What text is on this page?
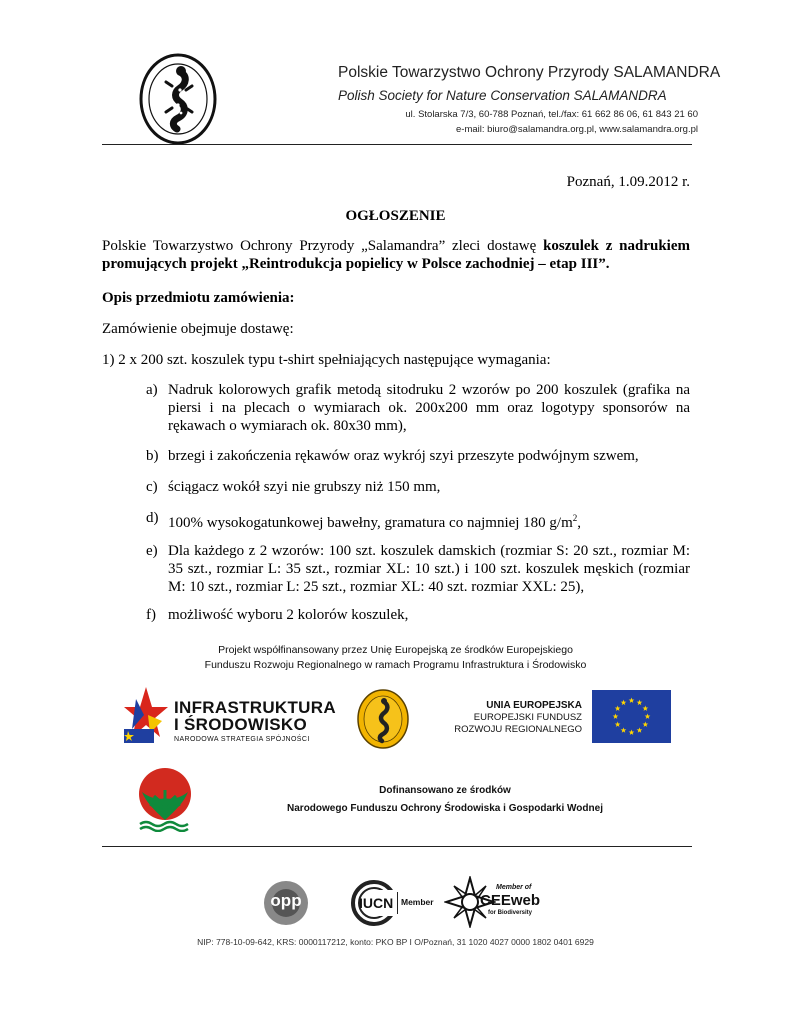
Polskie Towarzystwo Ochrony Przyrody SALAMANDRA
Polish Society for Nature Conservation SALAMANDRA
ul. Stolarska 7/3, 60-788 Poznań, tel./fax: 61 662 86 06, 61 843 21 60
e-mail: biuro@salamandra.org.pl, www.salamandra.org.pl
Poznań, 1.09.2012 r.
OGŁOSZENIE
Polskie Towarzystwo Ochrony Przyrody „Salamandra” zleci dostawę koszulek z nadrukiem promujących projekt „Reintrodukcja popielicy w Polsce zachodniej – etap III”.
Opis przedmiotu zamówienia:
Zamówienie obejmuje dostawę:
1) 2 x 200 szt. koszulek typu t-shirt spełniających następujące wymagania:
a) Nadruk kolorowych grafik metodą sitodruku 2 wzorów po 200 koszulek (grafika na piersi i na plecach o wymiarach ok. 200x200 mm oraz logotypy sponsorów na rękawach o wymiarach ok. 80x30 mm),
b) brzegi i zakończenia rękawów oraz wykrój szyi przeszyte podwójnym szwem,
c) ściągacz wokół szyi nie grubszy niż 150 mm,
d) 100% wysokogatunkowej bawełny, gramatura co najmniej 180 $g/m^2$,
e) Dla każdego z 2 wzorów: 100 szt. koszulek damskich (rozmiar S: 20 szt., rozmiar M: 35 szt., rozmiar L: 35 szt., rozmiar XL: 10 szt.) i 100 szt. koszulek męskich (rozmiar M: 10 szt., rozmiar L: 25 szt., rozmiar XL: 40 szt. rozmiar XXL: 25),
f) możliwość wyboru 2 kolorów koszulek,
Projekt współfinansowany przez Unię Europejską ze środków Europejskiego
Funduszu Rozwoju Regionalnego w ramach Programu Infrastruktura i Środowisko
INFRASTRUKTURA
I ŚRODOWISKO
NARODOWA STRATEGIA SPÓJNOŚCI
UNIA EUROPEJSKA
EUROPEJSKI FUNDUSZ
ROZWOJU REGIONALNEGO
Dofinansowano ze środków
Narodowego Funduszu Ochrony Środowiska i Gospodarki Wodnej
opp	IUCN Member
Member of
CEEweb
for Biodiversity
NIP: 778-10-09-642, KRS: 0000117212, konto: PKO BP I O/Poznań, 31 1020 4027 0000 1802 0401 6929
